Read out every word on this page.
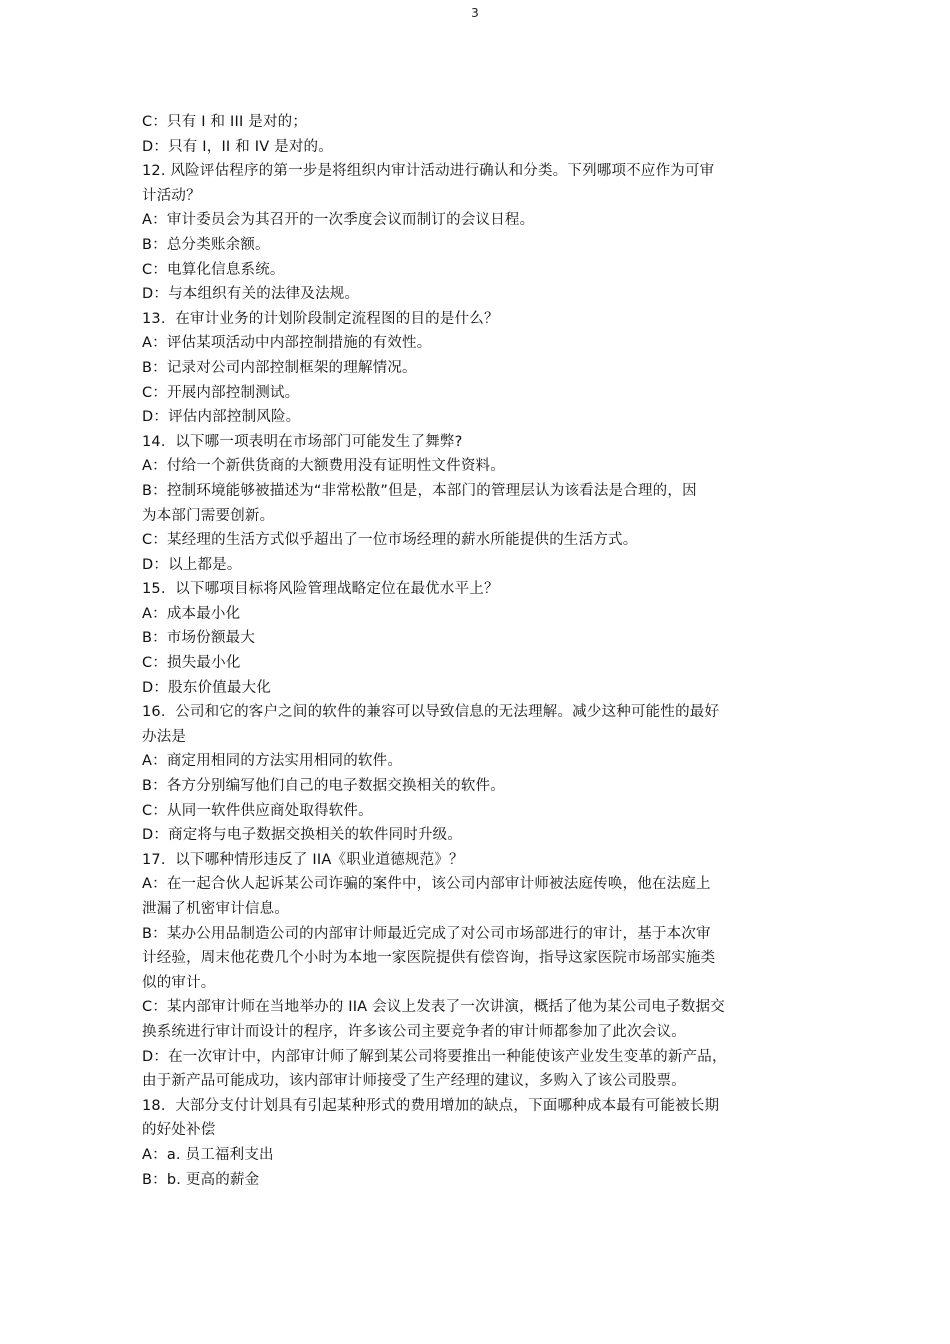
3

C：只有 I 和 III 是对的；

D：只有 I，II 和 IV 是对的。

12. 风险评估程序的第一步是将组织内审计活动进行确认和分类。下列哪项不应作为可审

计活动？

A：审计委员会为其召开的一次季度会议而制订的会议日程。

B：总分类账余额。

C：电算化信息系统。

D：与本组织有关的法律及法规。

13.  在审计业务的计划阶段制定流程图的目的是什么？

A：评估某项活动中内部控制措施的有效性。

B：记录对公司内部控制框架的理解情况。

C：开展内部控制测试。

D：评估内部控制风险。

14.  以下哪一项表明在市场部门可能发生了舞弊?

A：付给一个新供货商的大额费用没有证明性文件资料。

B：控制环境能够被描述为“非常松散”但是，本部门的管理层认为该看法是合理的，因

为本部门需要创新。

C：某经理的生活方式似乎超出了一位市场经理的薪水所能提供的生活方式。

D：以上都是。

15.  以下哪项目标将风险管理战略定位在最优水平上？

A：成本最小化

B：市场份额最大

C：损失最小化

D：股东价值最大化

16.  公司和它的客户之间的软件的兼容可以导致信息的无法理解。减少这种可能性的最好

办法是

A：商定用相同的方法实用相同的软件。

B：各方分别编写他们自己的电子数据交换相关的软件。

C：从同一软件供应商处取得软件。

D：商定将与电子数据交换相关的软件同时升级。

17.  以下哪种情形违反了 IIA《职业道德规范》？

A：在一起合伙人起诉某公司诈骗的案件中，该公司内部审计师被法庭传唤，他在法庭上

泄漏了机密审计信息。

B：某办公用品制造公司的内部审计师最近完成了对公司市场部进行的审计，基于本次审

计经验，周末他花费几个小时为本地一家医院提供有偿咨询，指导这家医院市场部实施类

似的审计。

C：某内部审计师在当地举办的 IIA 会议上发表了一次讲演，概括了他为某公司电子数据交

换系统进行审计而设计的程序，许多该公司主要竞争者的审计师都参加了此次会议。

D：在一次审计中，内部审计师了解到某公司将要推出一种能使该产业发生变革的新产品，

由于新产品可能成功，该内部审计师接受了生产经理的建议，多购入了该公司股票。

18.  大部分支付计划具有引起某种形式的费用增加的缺点，下面哪种成本最有可能被长期

的好处补偿

A：a. 员工福利支出

B：b. 更高的薪金
